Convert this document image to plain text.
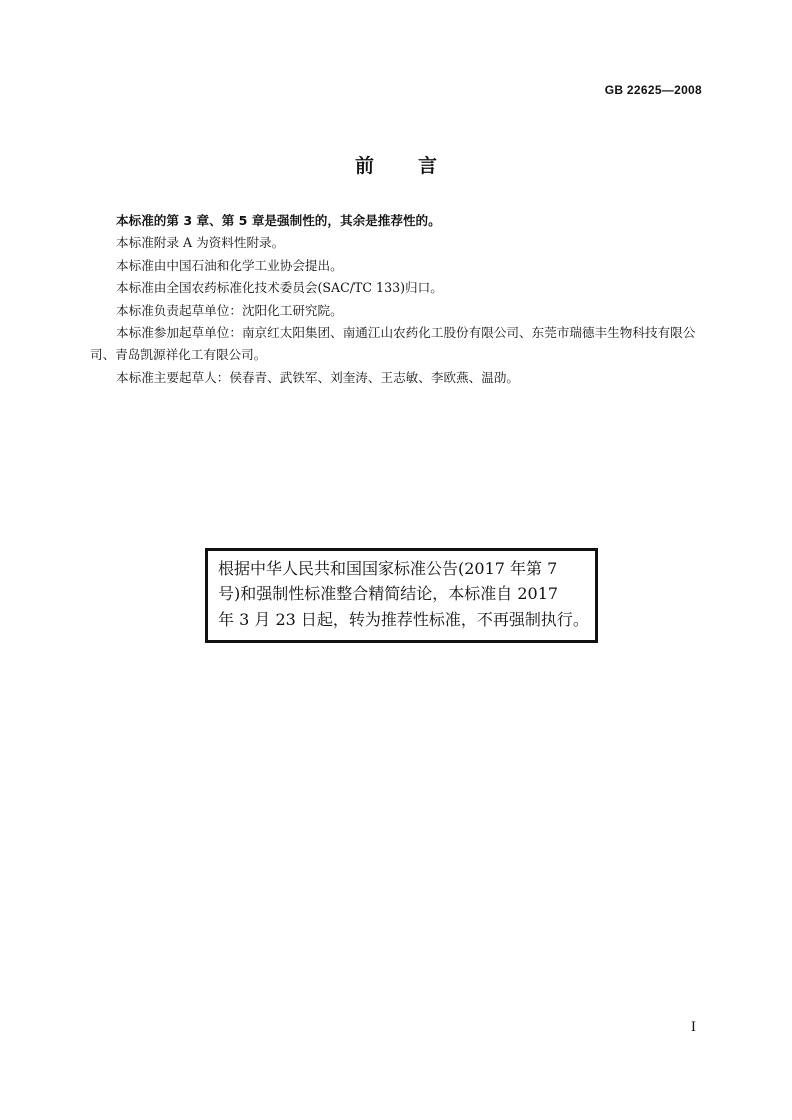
GB 22625—2008
前言

本标准的第 3 章、第 5 章是强制性的，其余是推荐性的。

本标准附录 A 为资料性附录。

本标准由中国石油和化学工业协会提出。

本标准由全国农药标准化技术委员会(SAC/TC 133)归口。

本标准负责起草单位：沈阳化工研究院。

本标准参加起草单位：南京红太阳集团、南通江山农药化工股份有限公司、东莞市瑞德丰生物科技有限公司、青岛凯源祥化工有限公司。

本标准主要起草人：侯春青、武铁军、刘奎涛、王志敏、李欧燕、温劭。

根据中华人民共和国国家标准公告(2017 年第 7

号)和强制性标准整合精简结论，本标准自 2017

年 3 月 23 日起，转为推荐性标准，不再强制执行。

I
